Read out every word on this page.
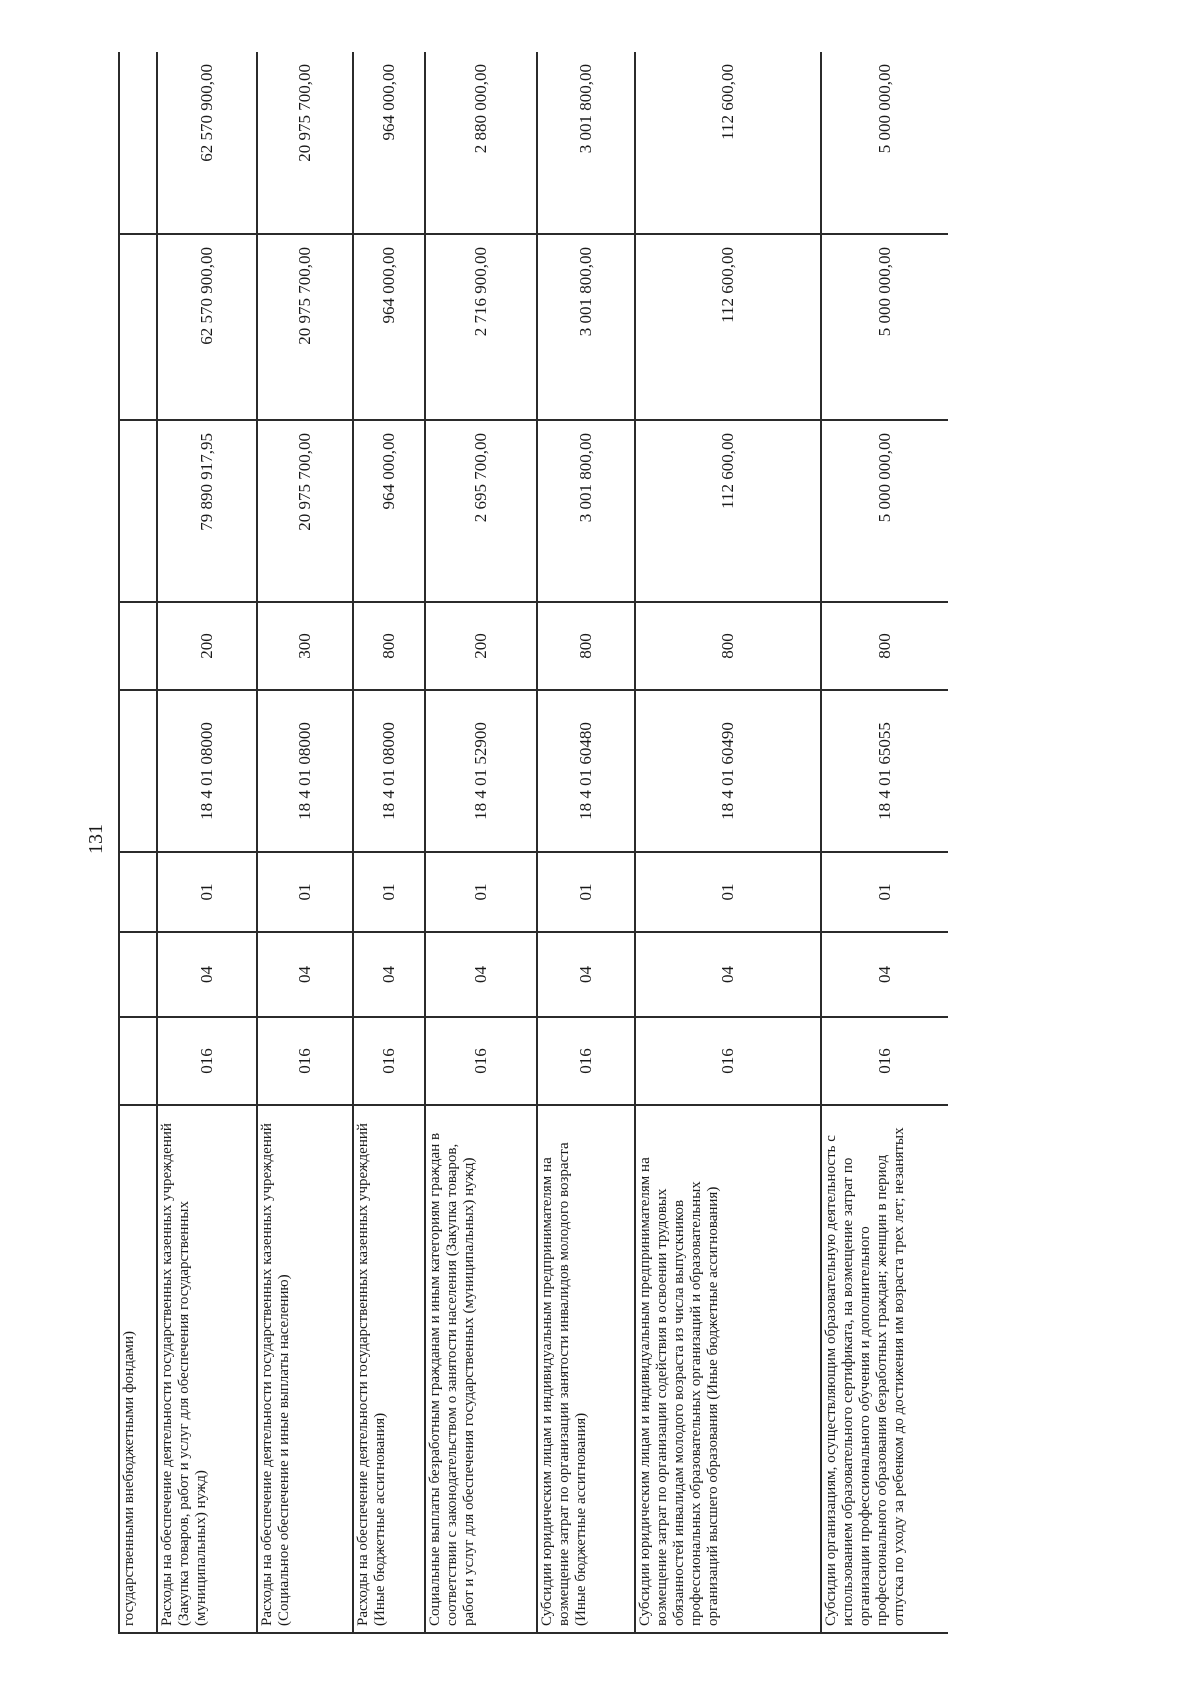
131
государственными внебюджетными фондами)								
Расходы на обеспечение деятельности государственных казенных учреждений (Закупка товаров, работ и услуг для обеспечения государственных (муниципальных) нужд)	016	04	01	18 4 01 08000	200	79 890 917,95	62 570 900,00	62 570 900,00
Расходы на обеспечение деятельности государственных казенных учреждений (Социальное обеспечение и иные выплаты населению)	016	04	01	18 4 01 08000	300	20 975 700,00	20 975 700,00	20 975 700,00
Расходы на обеспечение деятельности государственных казенных учреждений (Иные бюджетные ассигнования)	016	04	01	18 4 01 08000	800	964 000,00	964 000,00	964 000,00
Социальные выплаты безработным гражданам и иным категориям граждан в соответствии с законодательством о занятости населения (Закупка товаров, работ и услуг для обеспечения государственных (муниципальных) нужд)	016	04	01	18 4 01 52900	200	2 695 700,00	2 716 900,00	2 880 000,00
Субсидии юридическим лицам и индивидуальным предпринимателям на возмещение затрат по организации занятости инвалидов молодого возраста (Иные бюджетные ассигнования)	016	04	01	18 4 01 60480	800	3 001 800,00	3 001 800,00	3 001 800,00
Субсидии юридическим лицам и индивидуальным предпринимателям на возмещение затрат по организации содействия в освоении трудовых обязанностей инвалидам молодого возраста из числа выпускников профессиональных образовательных организаций и образовательных организаций высшего образования (Иные бюджетные ассигнования)	016	04	01	18 4 01 60490	800	112 600,00	112 600,00	112 600,00
Субсидии организациям, осуществляющим образовательную деятельность с использованием образовательного сертификата, на возмещение затрат по организации профессионального обучения и дополнительного профессионального образования безработных граждан; женщин в период отпуска по уходу за ребенком до достижения им возраста трех лет; незанятых	016	04	01	18 4 01 65055	800	5 000 000,00	5 000 000,00	5 000 000,00
